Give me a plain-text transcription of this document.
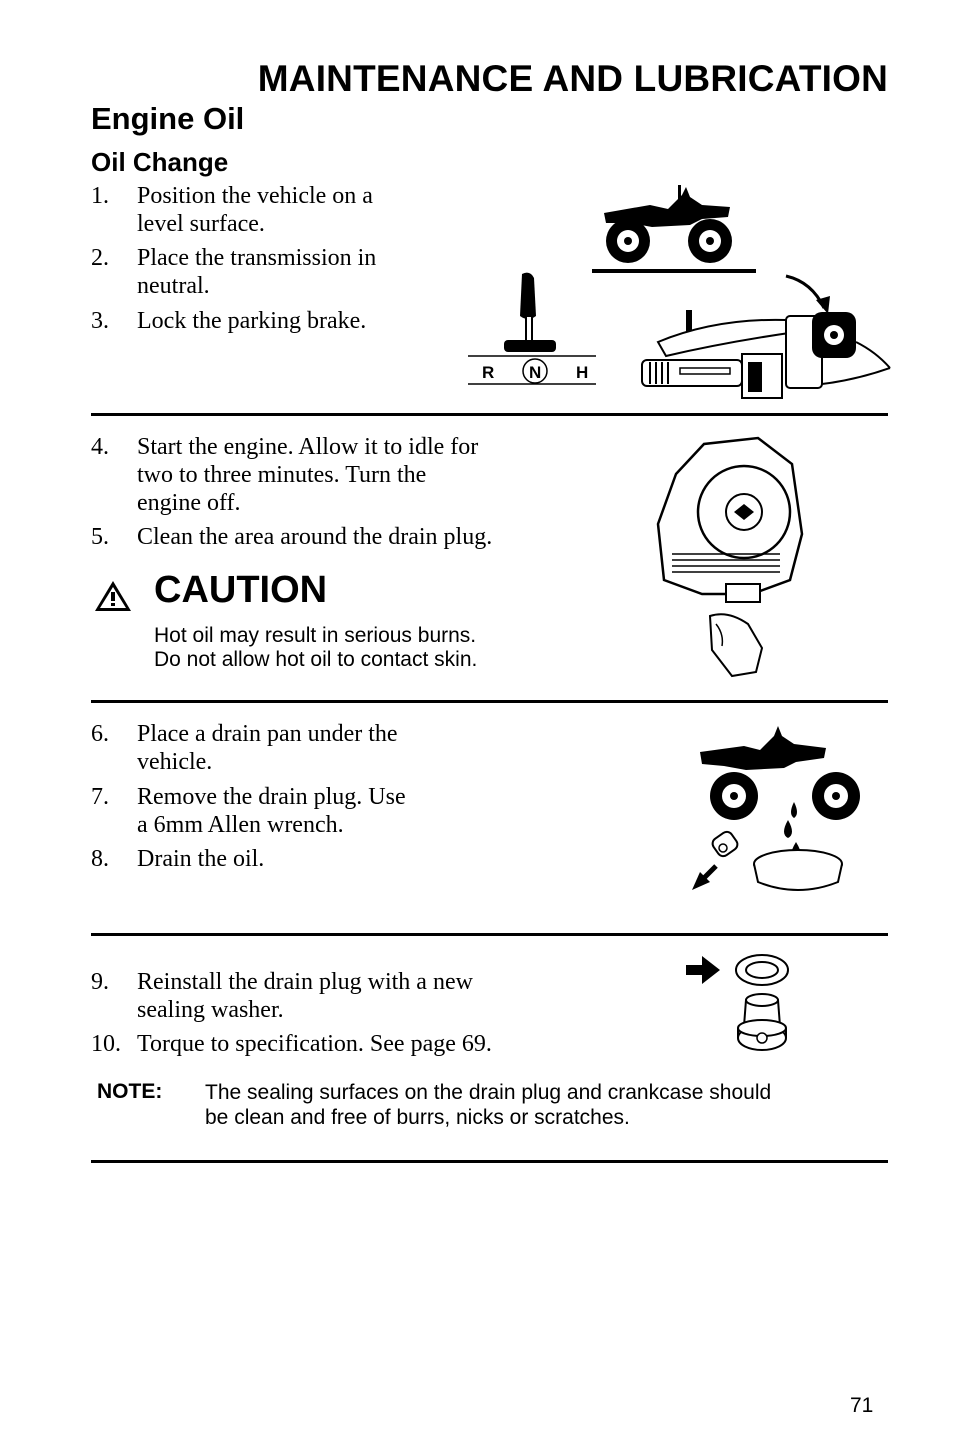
MAINTENANCE AND LUBRICATION
Engine Oil
Oil Change
1. Position the vehicle on a
level surface.
2. Place the transmission in
neutral.
3. Lock the parking brake.
R N H
4. Start the engine. Allow it to idle for
two to three minutes. Turn the
engine off.
5. Clean the area around the drain plug.
CAUTION
Hot oil may result in serious burns.
Do not allow hot oil to contact skin.
6. Place a drain pan under the
vehicle.
7. Remove the drain plug. Use
a 6mm Allen wrench.
8. Drain the oil.
9. Reinstall the drain plug with a new
sealing washer.
10. Torque to specification. See page 69.
NOTE: The sealing surfaces on the drain plug and crankcase should
be clean and free of burrs, nicks or scratches.
71
